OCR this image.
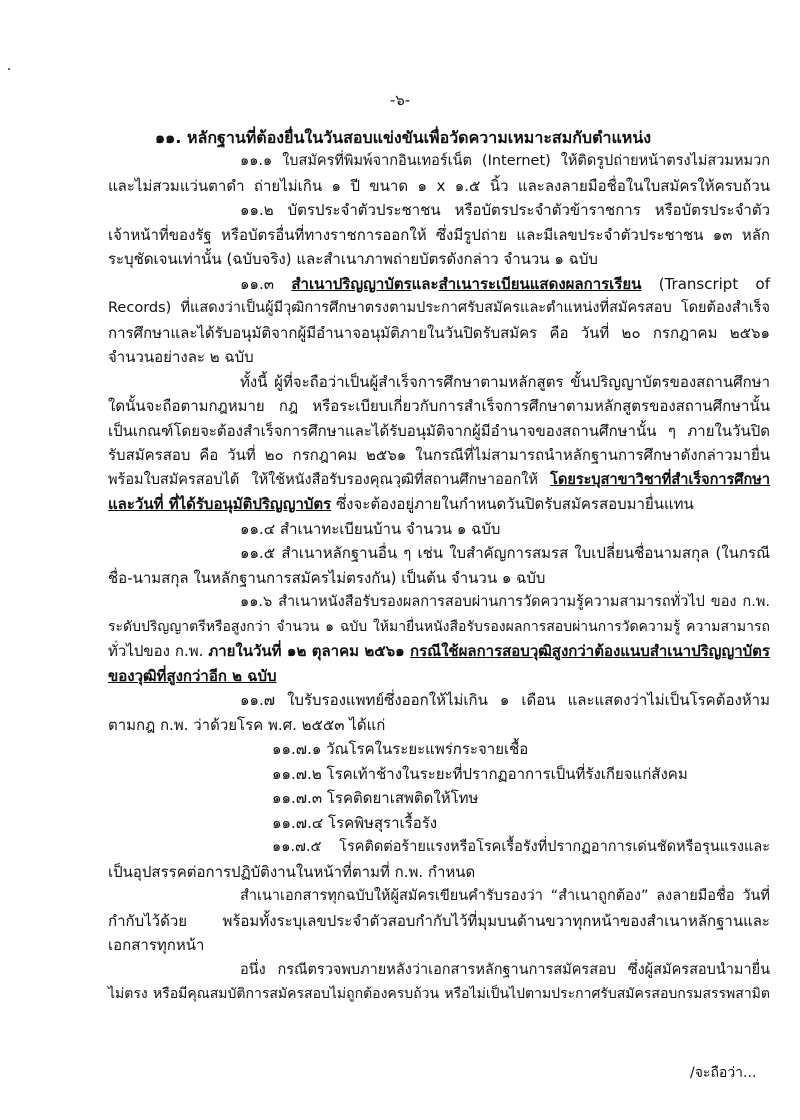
-๖-
๑๑. หลักฐานที่ต้องยื่นในวันสอบแข่งขันเพื่อวัดความเหมาะสมกับตำแหน่ง
๑๑.๑ ใบสมัครที่พิมพ์จากอินเทอร์เน็ต (Internet) ให้ติดรูปถ่ายหน้าตรงไม่สวมหมวก
และไม่สวมแว่นตาดำ ถ่ายไม่เกิน ๑ ปี ขนาด ๑ x ๑.๕ นิ้ว และลงลายมือชื่อในใบสมัครให้ครบถ้วน
๑๑.๒ บัตรประจำตัวประชาชน หรือบัตรประจำตัวข้าราชการ หรือบัตรประจำตัว
เจ้าหน้าที่ของรัฐ หรือบัตรอื่นที่ทางราชการออกให้ ซึ่งมีรูปถ่าย และมีเลขประจำตัวประชาชน ๑๓ หลัก
ระบุชัดเจนเท่านั้น (ฉบับจริง) และสำเนาภาพถ่ายบัตรดังกล่าว จำนวน ๑ ฉบับ
๑๑.๓ สำเนาปริญญาบัตรและสำเนาระเบียนแสดงผลการเรียน (Transcript of
Records) ที่แสดงว่าเป็นผู้มีวุฒิการศึกษาตรงตามประกาศรับสมัครและตำแหน่งที่สมัครสอบ โดยต้องสำเร็จ
การศึกษาและได้รับอนุมัติจากผู้มีอำนาจอนุมัติภายในวันปิดรับสมัคร คือ วันที่ ๒๐ กรกฎาคม ๒๕๖๑
จำนวนอย่างละ ๒ ฉบับ
ทั้งนี้ ผู้ที่จะถือว่าเป็นผู้สำเร็จการศึกษาตามหลักสูตร ขั้นปริญญาบัตรของสถานศึกษา
ใดนั้นจะถือตามกฎหมาย กฎ หรือระเบียบเกี่ยวกับการสำเร็จการศึกษาตามหลักสูตรของสถานศึกษานั้น
เป็นเกณฑ์โดยจะต้องสำเร็จการศึกษาและได้รับอนุมัติจากผู้มีอำนาจของสถานศึกษานั้น ๆ ภายในวันปิด
รับสมัครสอบ คือ วันที่ ๒๐ กรกฎาคม ๒๕๖๑ ในกรณีที่ไม่สามารถนำหลักฐานการศึกษาดังกล่าวมายื่น
พร้อมใบสมัครสอบได้ ให้ใช้หนังสือรับรองคุณวุฒิที่สถานศึกษาออกให้ โดยระบุสาขาวิชาที่สำเร็จการศึกษา
และวันที่ ที่ได้รับอนุมัติปริญญาบัตร ซึ่งจะต้องอยู่ภายในกำหนดวันปิดรับสมัครสอบมายื่นแทน
๑๑.๔ สำเนาทะเบียนบ้าน จำนวน ๑ ฉบับ
๑๑.๕ สำเนาหลักฐานอื่น ๆ เช่น ใบสำคัญการสมรส ใบเปลี่ยนชื่อนามสกุล (ในกรณี
ชื่อ-นามสกุล ในหลักฐานการสมัครไม่ตรงกัน) เป็นต้น จำนวน ๑ ฉบับ
๑๑.๖ สำเนาหนังสือรับรองผลการสอบผ่านการวัดความรู้ความสามารถทั่วไป ของ ก.พ.
ระดับปริญญาตรีหรือสูงกว่า จำนวน ๑ ฉบับ ให้มายื่นหนังสือรับรองผลการสอบผ่านการวัดความรู้ ความสามารถ
ทั่วไปของ ก.พ. ภายในวันที่ ๑๒ ตุลาคม ๒๕๖๑ กรณีใช้ผลการสอบวุฒิสูงกว่าต้องแนบสำเนาปริญญาบัตร
ของวุฒิที่สูงกว่าอีก ๒ ฉบับ
๑๑.๗ ใบรับรองแพทย์ซึ่งออกให้ไม่เกิน ๑ เดือน และแสดงว่าไม่เป็นโรคต้องห้าม
ตามกฎ ก.พ. ว่าด้วยโรค พ.ศ. ๒๕๕๓ ได้แก่
๑๑.๗.๑ วัณโรคในระยะแพร่กระจายเชื้อ
๑๑.๗.๒ โรคเท้าช้างในระยะที่ปรากฏอาการเป็นที่รังเกียจแก่สังคม
๑๑.๗.๓ โรคติดยาเสพติดให้โทษ
๑๑.๗.๔ โรคพิษสุราเรื้อรัง
๑๑.๗.๕ โรคติดต่อร้ายแรงหรือโรคเรื้อรังที่ปรากฏอาการเด่นชัดหรือรุนแรงและ
เป็นอุปสรรคต่อการปฏิบัติงานในหน้าที่ตามที่ ก.พ. กำหนด
สำเนาเอกสารทุกฉบับให้ผู้สมัครเขียนคำรับรองว่า “สำเนาถูกต้อง” ลงลายมือชื่อ วันที่
กำกับไว้ด้วย พร้อมทั้งระบุเลขประจำตัวสอบกำกับไว้ที่มุมบนด้านขวาทุกหน้าของสำเนาหลักฐานและ
เอกสารทุกหน้า
อนึ่ง กรณีตรวจพบภายหลังว่าเอกสารหลักฐานการสมัครสอบ ซึ่งผู้สมัครสอบนำมายื่น
ไม่ตรง หรือมีคุณสมบัติการสมัครสอบไม่ถูกต้องครบถ้วน หรือไม่เป็นไปตามประกาศรับสมัครสอบกรมสรรพสามิต
/จะถือว่า...
